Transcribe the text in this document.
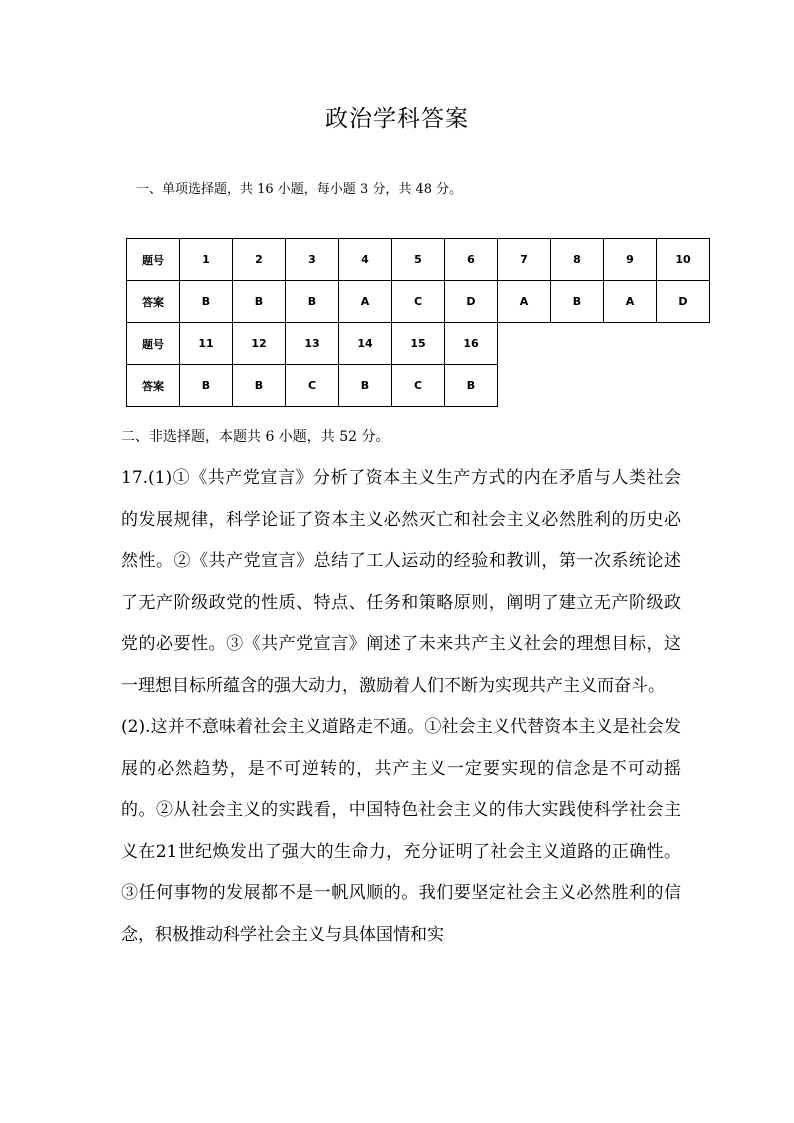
政治学科答案
一、单项选择题，共 16 小题，每小题 3 分，共 48 分。
题号	1	2	3	4	5	6	7	8	9	10
答案	B	B	B	A	C	D	A	B	A	D
题号	11	12	13	14	15	16				
答案	B	B	C	B	C	B				
二、非选择题，本题共 6 小题，共 52 分。

17.(1)①《共产党宣言》分析了资本主义生产方式的内在矛盾与人类社会的发展规律，科学论证了资本主义必然灭亡和社会主义必然胜利的历史必然性。②《共产党宣言》总结了工人运动的经验和教训，第一次系统论述了无产阶级政党的性质、特点、任务和策略原则，阐明了建立无产阶级政党的必要性。③《共产党宣言》阐述了未来共产主义社会的理想目标，这一理想目标所蕴含的强大动力，激励着人们不断为实现共产主义而奋斗。

(2).这并不意味着社会主义道路走不通。①社会主义代替资本主义是社会发展的必然趋势，是不可逆转的，共产主义一定要实现的信念是不可动摇的。②从社会主义的实践看，中国特色社会主义的伟大实践使科学社会主义在21世纪焕发出了强大的生命力，充分证明了社会主义道路的正确性。③任何事物的发展都不是一帆风顺的。我们要坚定社会主义必然胜利的信念，积极推动科学社会主义与具体国情和实
